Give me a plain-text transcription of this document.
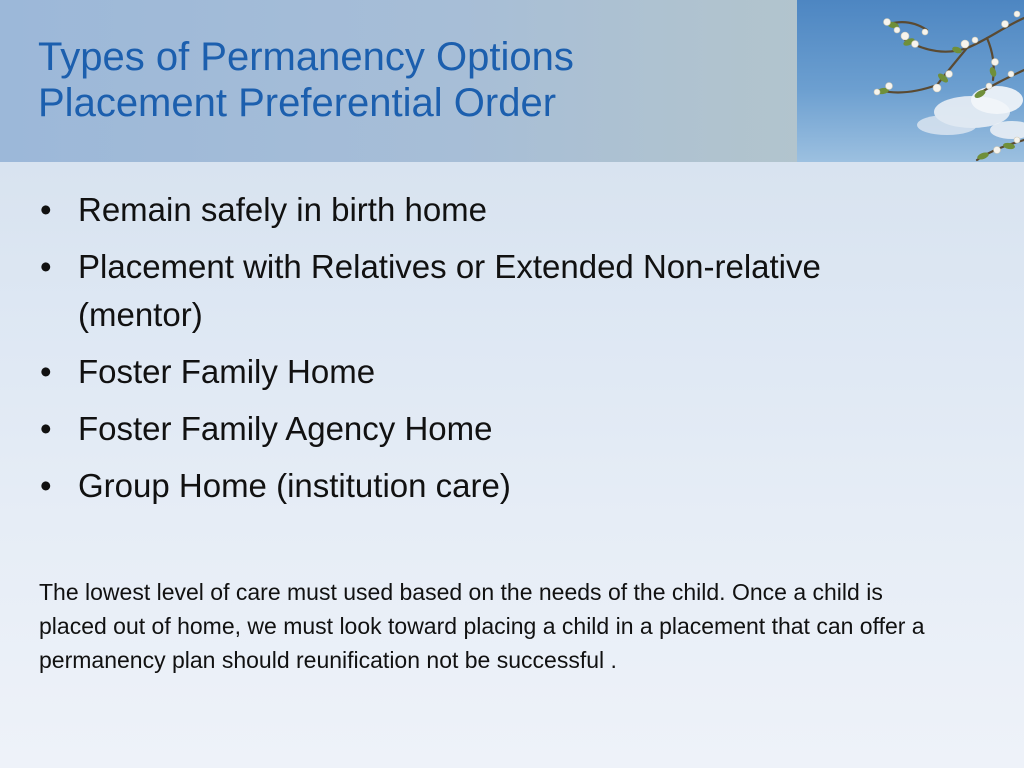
Types of Permanency Options
Placement Preferential Order
• Remain safely in birth home
• Placement with Relatives or Extended Non-relative (mentor)
• Foster Family Home
• Foster Family Agency Home
• Group Home (institution care)

The lowest level of care must used based on the needs of the child. Once a child is placed out of home, we must look toward placing a child in a placement that can offer a permanency plan should reunification not be successful .
